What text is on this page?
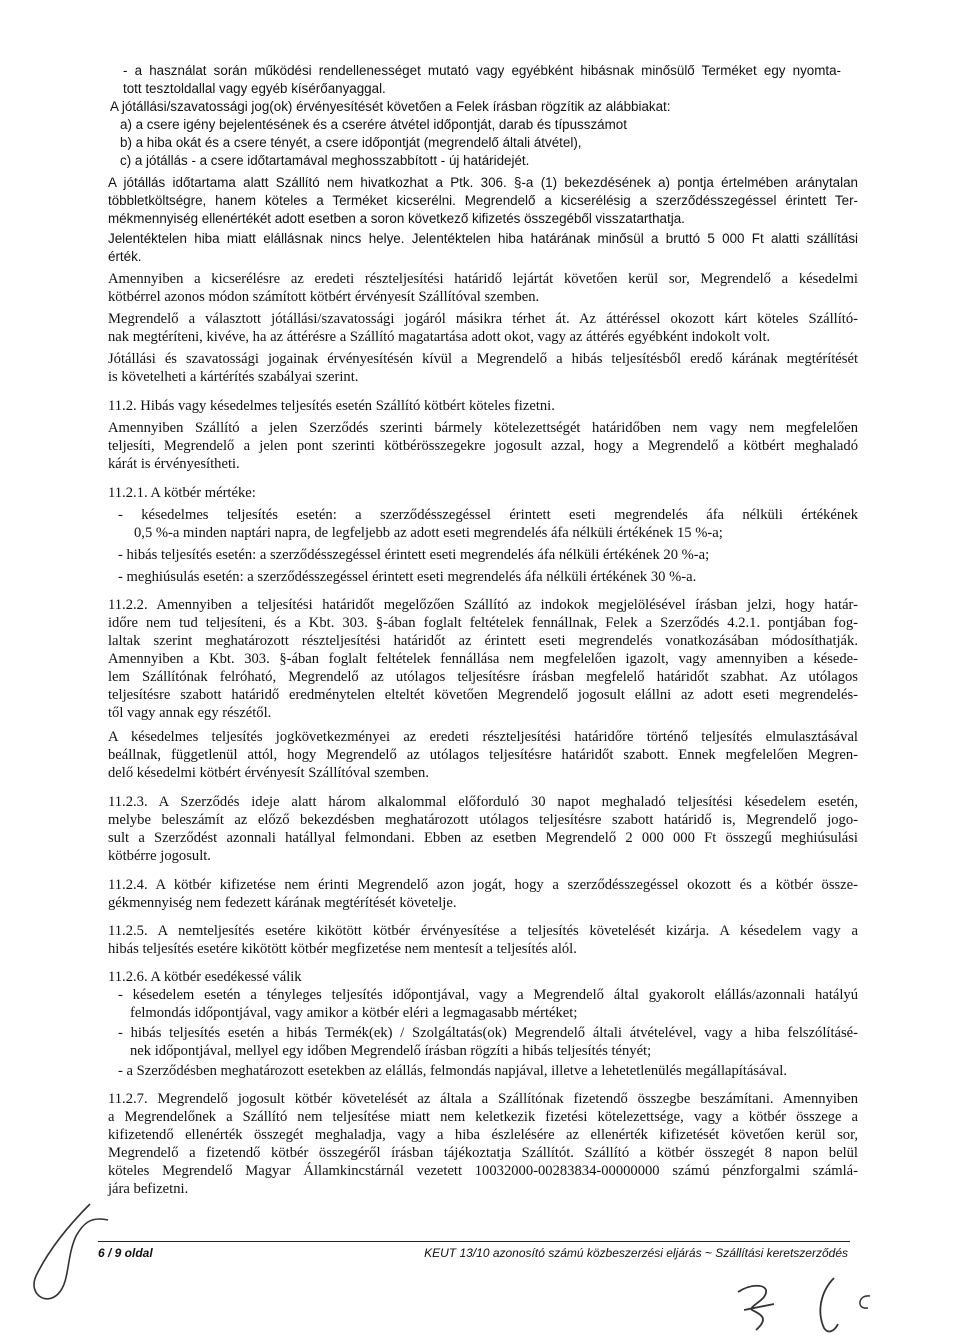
- a használat során működési rendellenességet mutató vagy egyébként hibásnak minősülő Terméket egy nyomta-
tott tesztoldallal vagy egyéb kísérőanyaggal.
A jótállási/szavatossági jog(ok) érvényesítését követően a Felek írásban rögzítik az alábbiakat:
a) a csere igény bejelentésének és a cserére átvétel időpontját, darab és típusszámot
b) a hiba okát és a csere tényét, a csere időpontját (megrendelő általi átvétel),
c) a jótállás - a csere időtartamával meghosszabbított - új határidejét.
A jótállás időtartama alatt Szállító nem hivatkozhat a Ptk. 306. §-a (1) bekezdésének a) pontja értelmében aránytalan
többletköltségre, hanem köteles a Terméket kicserélni. Megrendelő a kicserélésig a szerződésszegéssel érintett Ter-
mékmennyiség ellenértékét adott esetben a soron következő kifizetés összegéből visszatarthatja.
Jelentéktelen hiba miatt elállásnak nincs helye. Jelentéktelen hiba határának minősül a bruttó 5 000 Ft alatti szállítási
érték.
Amennyiben a kicserélésre az eredeti részteljesítési határidő lejártát követően kerül sor, Megrendelő a késedelmi
kötbérrel azonos módon számított kötbért érvényesít Szállítóval szemben.
Megrendelő a választott jótállási/szavatossági jogáról másikra térhet át. Az áttéréssel okozott kárt köteles Szállító-
nak megtéríteni, kivéve, ha az áttérésre a Szállító magatartása adott okot, vagy az áttérés egyébként indokolt volt.
Jótállási és szavatossági jogainak érvényesítésén kívül a Megrendelő a hibás teljesítésből eredő kárának megtérítését
is követelheti a kártérítés szabályai szerint.
11.2. Hibás vagy késedelmes teljesítés esetén Szállító kötbért köteles fizetni.
Amennyiben Szállító a jelen Szerződés szerinti bármely kötelezettségét határidőben nem vagy nem megfelelően
teljesíti, Megrendelő a jelen pont szerinti kötbérösszegekre jogosult azzal, hogy a Megrendelő a kötbért meghaladó
kárát is érvényesítheti.
11.2.1. A kötbér mértéke:
- késedelmes teljesítés esetén: a szerződésszegéssel érintett eseti megrendelés áfa nélküli értékének
0,5 %-a minden naptári napra, de legfeljebb az adott eseti megrendelés áfa nélküli értékének 15 %-a;
- hibás teljesítés esetén: a szerződésszegéssel érintett eseti megrendelés áfa nélküli értékének 20 %-a;
- meghiúsulás esetén: a szerződésszegéssel érintett eseti megrendelés áfa nélküli értékének 30 %-a.
11.2.2. Amennyiben a teljesítési határidőt megelőzően Szállító az indokok megjelölésével írásban jelzi, hogy határ-
időre nem tud teljesíteni, és a Kbt. 303. §-ában foglalt feltételek fennállnak, Felek a Szerződés 4.2.1. pontjában fog-
laltak szerint meghatározott részteljesítési határidőt az érintett eseti megrendelés vonatkozásában módosíthatják.
Amennyiben a Kbt. 303. §-ában foglalt feltételek fennállása nem megfelelően igazolt, vagy amennyiben a késede-
lem Szállítónak felróható, Megrendelő az utólagos teljesítésre írásban megfelelő határidőt szabhat. Az utólagos
teljesítésre szabott határidő eredménytelen elteltét követően Megrendelő jogosult elállni az adott eseti megrendelés-
től vagy annak egy részétől.
A késedelmes teljesítés jogkövetkezményei az eredeti részteljesítési határidőre történő teljesítés elmulasztásával
beállnak, függetlenül attól, hogy Megrendelő az utólagos teljesítésre határidőt szabott. Ennek megfelelően Megren-
delő késedelmi kötbért érvényesít Szállítóval szemben.
11.2.3. A Szerződés ideje alatt három alkalommal előforduló 30 napot meghaladó teljesítési késedelem esetén,
melybe beleszámít az előző bekezdésben meghatározott utólagos teljesítésre szabott határidő is, Megrendelő jogo-
sult a Szerződést azonnali hatállyal felmondani. Ebben az esetben Megrendelő 2 000 000 Ft összegű meghiúsulási
kötbérre jogosult.
11.2.4. A kötbér kifizetése nem érinti Megrendelő azon jogát, hogy a szerződésszegéssel okozott és a kötbér össze-
gékmennyiség nem fedezett kárának megtérítését követelje.
11.2.5. A nemteljesítés esetére kikötött kötbér érvényesítése a teljesítés követelését kizárja. A késedelem vagy a
hibás teljesítés esetére kikötött kötbér megfizetése nem mentesít a teljesítés alól.
11.2.6. A kötbér esedékessé válik
- késedelem esetén a tényleges teljesítés időpontjával, vagy a Megrendelő által gyakorolt elállás/azonnali hatályú
felmondás időpontjával, vagy amikor a kötbér eléri a legmagasabb mértéket;
- hibás teljesítés esetén a hibás Termék(ek) / Szolgáltatás(ok) Megrendelő általi átvételével, vagy a hiba felszólításé-
nek időpontjával, mellyel egy időben Megrendelő írásban rögzíti a hibás teljesítés tényét;
- a Szerződésben meghatározott esetekben az elállás, felmondás napjával, illetve a lehetetlenülés megállapításával.
11.2.7. Megrendelő jogosult kötbér követelését az általa a Szállítónak fizetendő összegbe beszámítani. Amennyiben
a Megrendelőnek a Szállító nem teljesítése miatt nem keletkezik fizetési kötelezettsége, vagy a kötbér összege a
kifizetendő ellenérték összegét meghaladja, vagy a hiba észlelésére az ellenérték kifizetését követően kerül sor,
Megrendelő a fizetendő kötbér összegéről írásban tájékoztatja Szállítót. Szállító a kötbér összegét 8 napon belül
köteles Megrendelő Magyar Államkincstárnál vezetett 10032000-00283834-00000000 számú pénzforgalmi számlá-
jára befizetni.
6 / 9 oldal	KEUT 13/10 azonosító számú közbeszerzési eljárás ~ Szállítási keretszerződés
